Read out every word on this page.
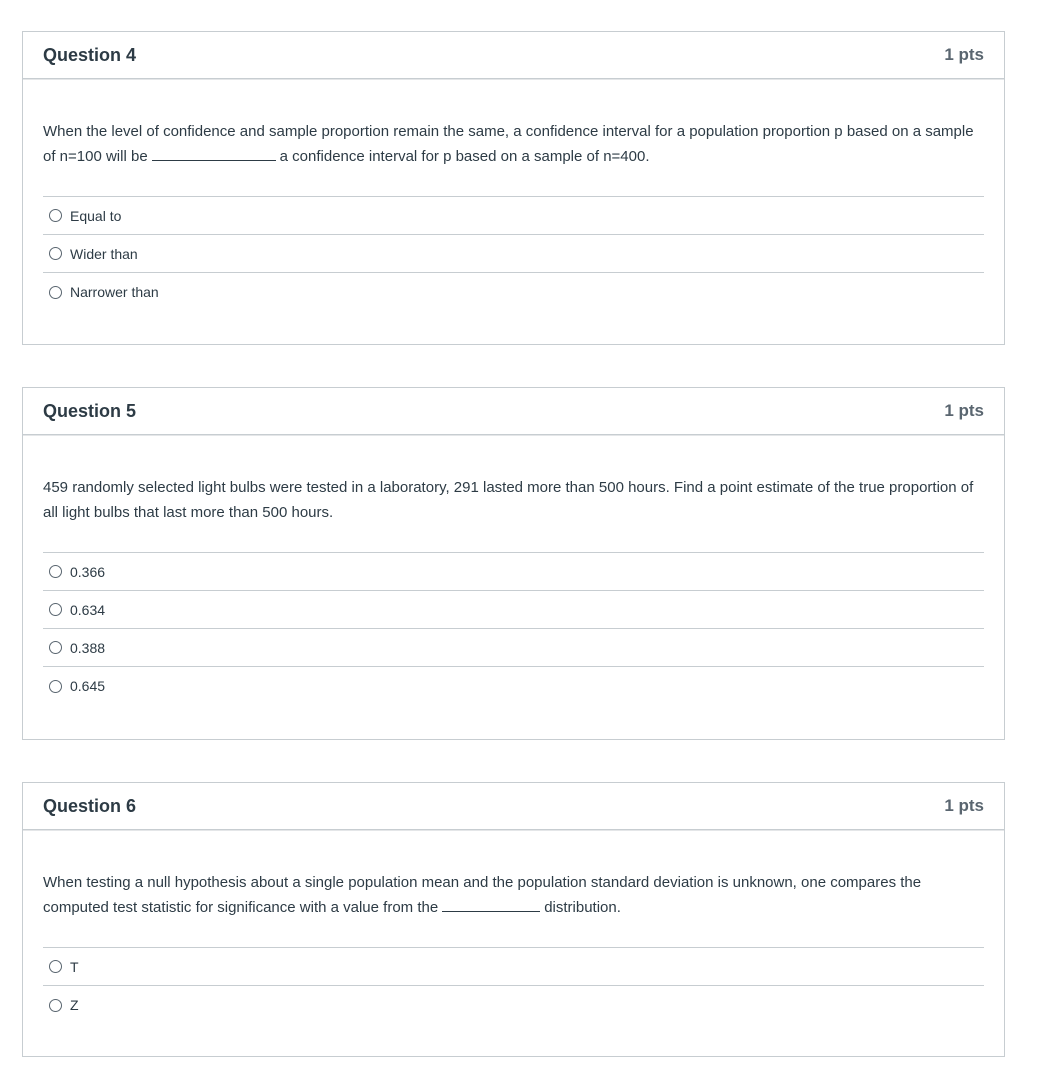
Question 4	1 pts
When the level of confidence and sample proportion remain the same, a confidence interval for a population proportion p based on a sample of n=100 will be	a confidence interval for p based on a sample of n=400.
Equal to
Wider than
Narrower than
Question 5	1 pts
459 randomly selected light bulbs were tested in a laboratory, 291 lasted more than 500 hours. Find a point estimate of the true proportion of all light bulbs that last more than 500 hours.
0.366
0.634
0.388
0.645
Question 6	1 pts
When testing a null hypothesis about a single population mean and the population standard deviation is unknown, one compares the computed test statistic for significance with a value from the	distribution.
T
Z
